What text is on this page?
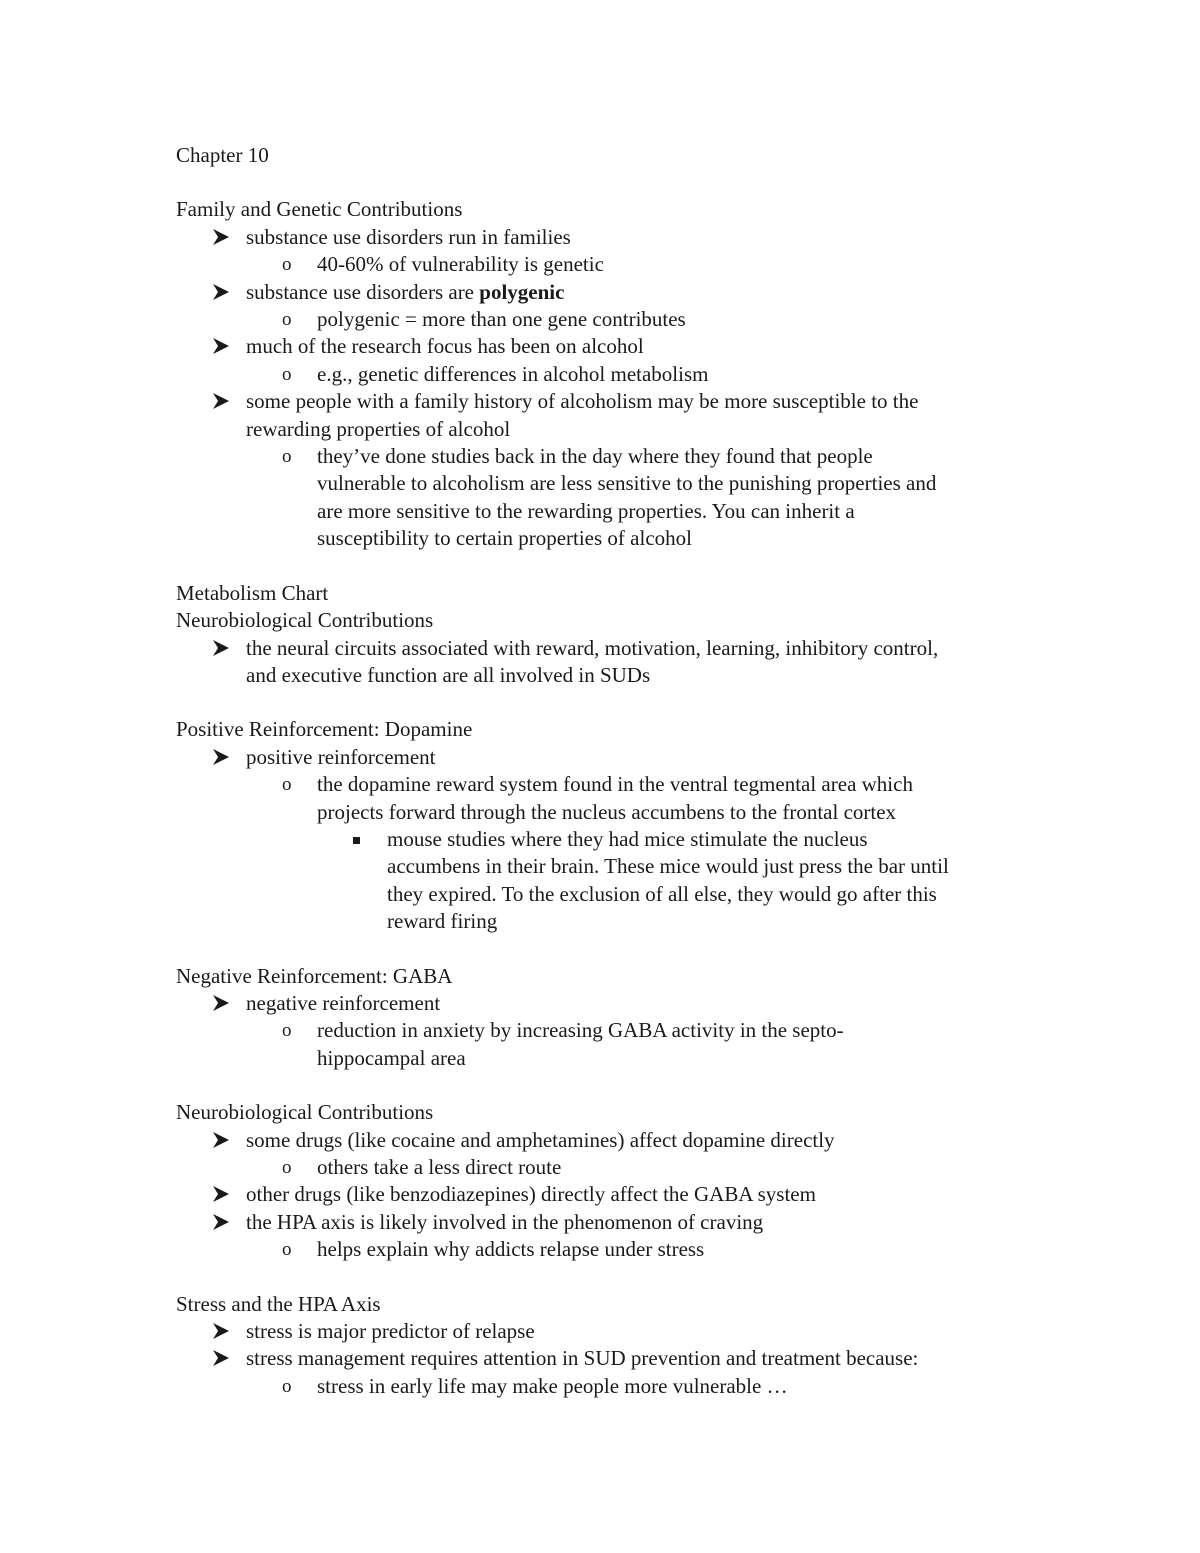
Chapter 10

Family and Genetic Contributions

substance use disorders run in families

o 40-60% of vulnerability is genetic

substance use disorders are polygenic

o polygenic = more than one gene contributes

much of the research focus has been on alcohol

o e.g., genetic differences in alcohol metabolism

some people with a family history of alcoholism may be more susceptible to the

rewarding properties of alcohol

o they’ve done studies back in the day where they found that people

vulnerable to alcoholism are less sensitive to the punishing properties and

are more sensitive to the rewarding properties. You can inherit a

susceptibility to certain properties of alcohol

Metabolism Chart

Neurobiological Contributions

the neural circuits associated with reward, motivation, learning, inhibitory control,

and executive function are all involved in SUDs

Positive Reinforcement: Dopamine

positive reinforcement

o the dopamine reward system found in the ventral tegmental area which

projects forward through the nucleus accumbens to the frontal cortex

mouse studies where they had mice stimulate the nucleus

accumbens in their brain. These mice would just press the bar until

they expired. To the exclusion of all else, they would go after this

reward firing

Negative Reinforcement: GABA

negative reinforcement

o reduction in anxiety by increasing GABA activity in the septo-

hippocampal area

Neurobiological Contributions

some drugs (like cocaine and amphetamines) affect dopamine directly

o others take a less direct route

other drugs (like benzodiazepines) directly affect the GABA system

the HPA axis is likely involved in the phenomenon of craving

o helps explain why addicts relapse under stress

Stress and the HPA Axis

stress is major predictor of relapse

stress management requires attention in SUD prevention and treatment because:

o stress in early life may make people more vulnerable …
